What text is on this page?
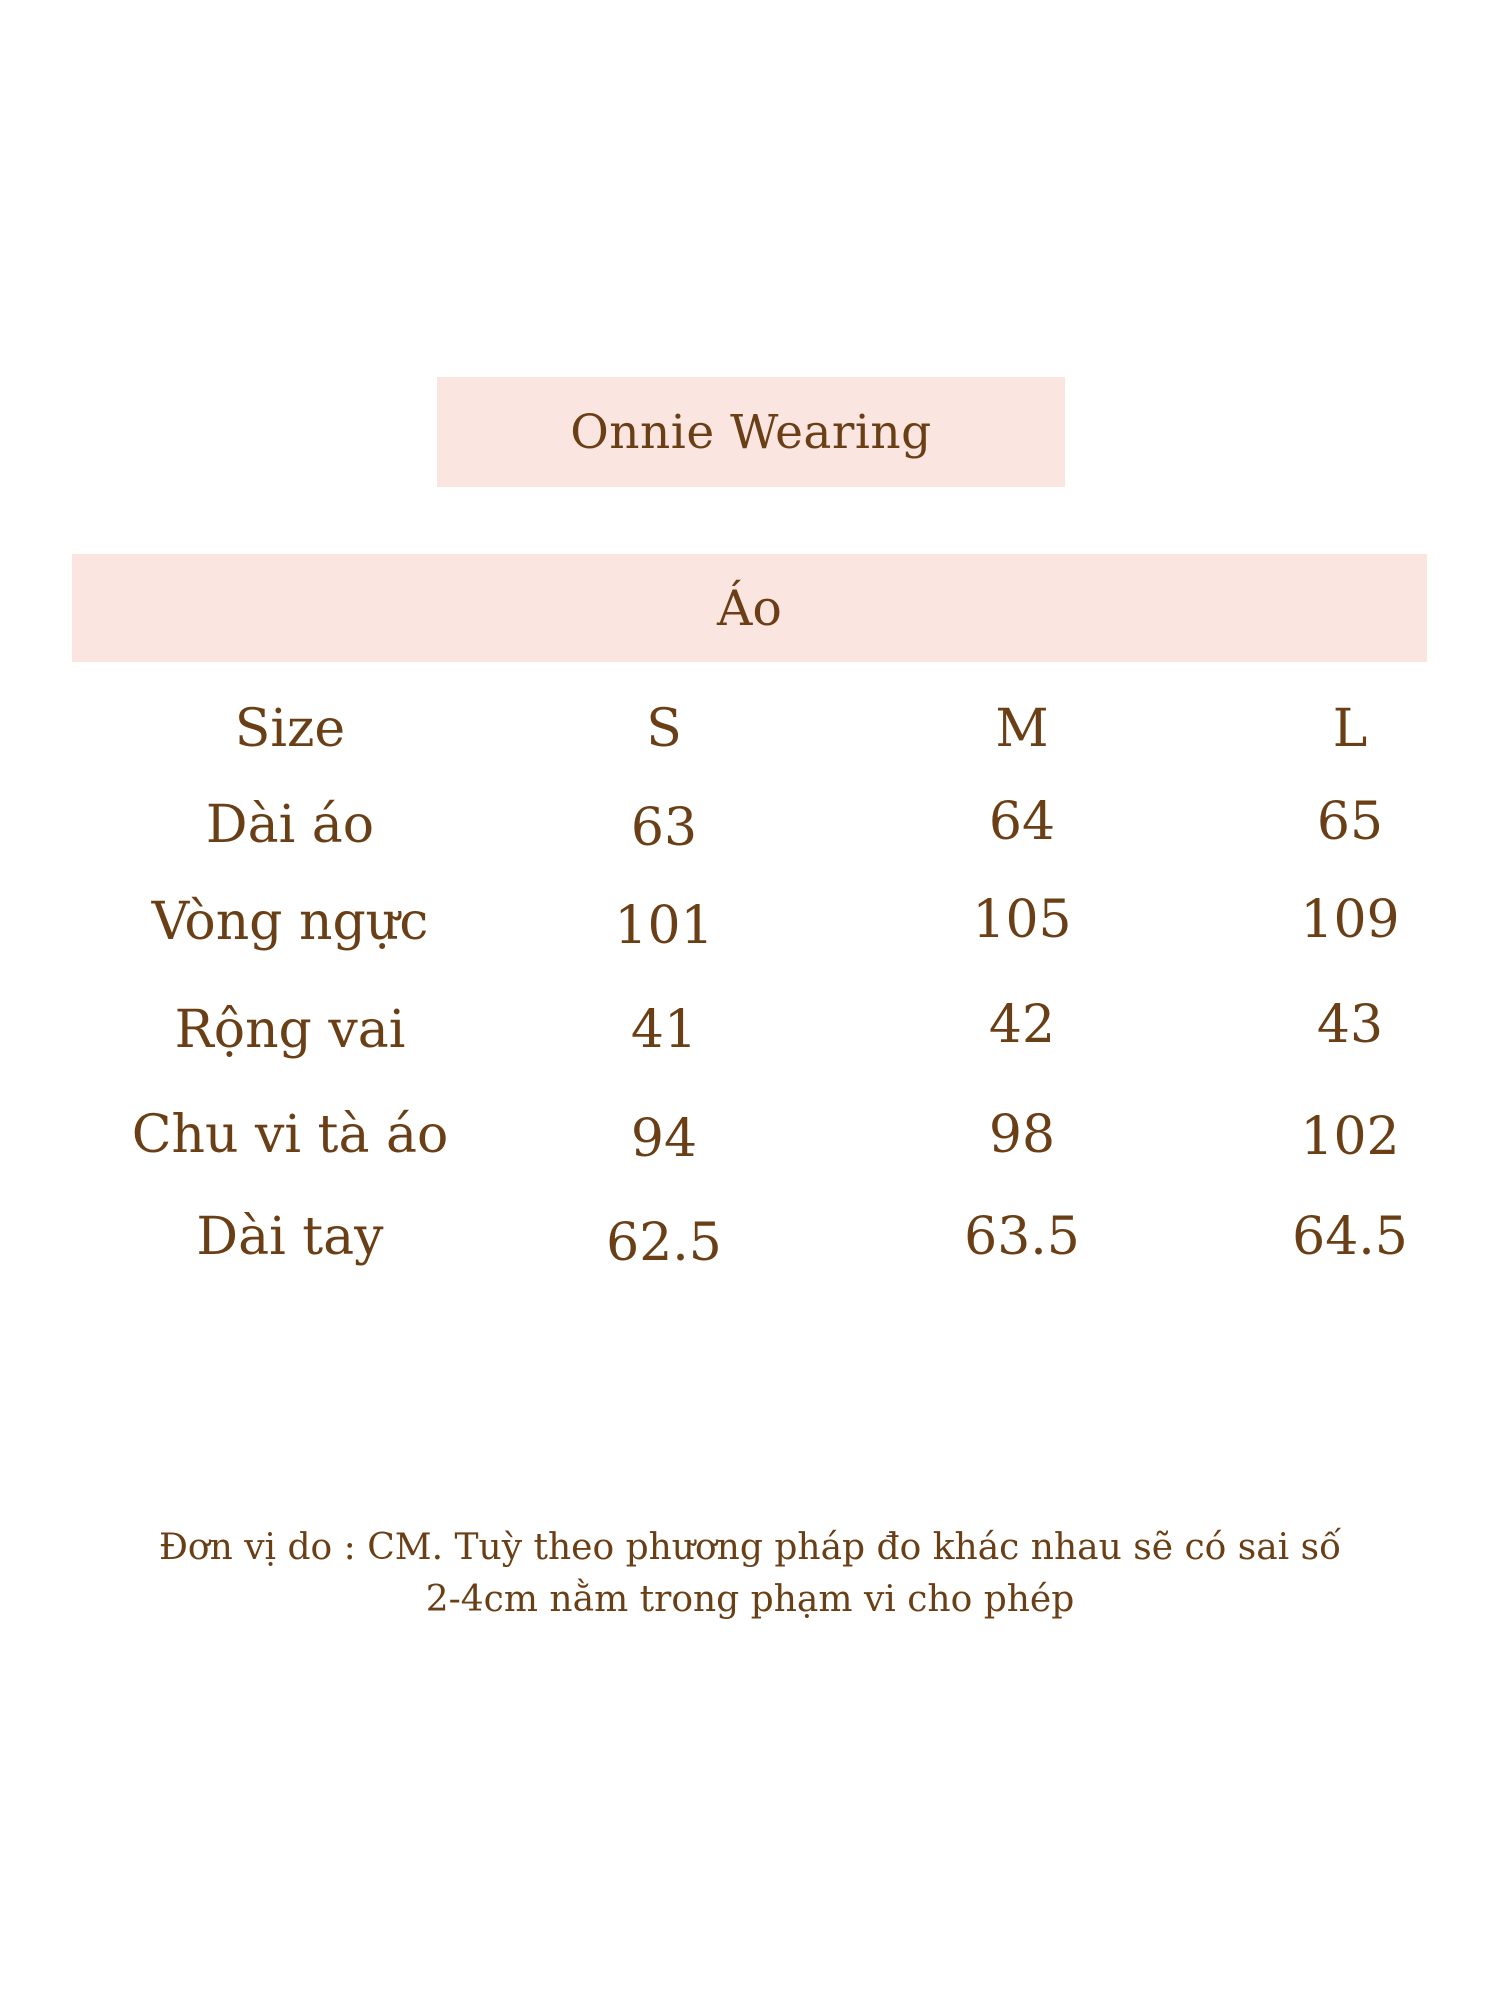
Onnie Wearing
Áo
Size	S	M	L
Dài áo	63	64	65
Vòng ngực	101	105	109
Rộng vai	41	42	43
Chu vi tà áo	94	98	102
Dài tay	62.5	63.5	64.5
Đơn vị do : CM. Tuỳ theo phương pháp đo khác nhau sẽ có sai số
2-4cm nằm trong phạm vi cho phép
